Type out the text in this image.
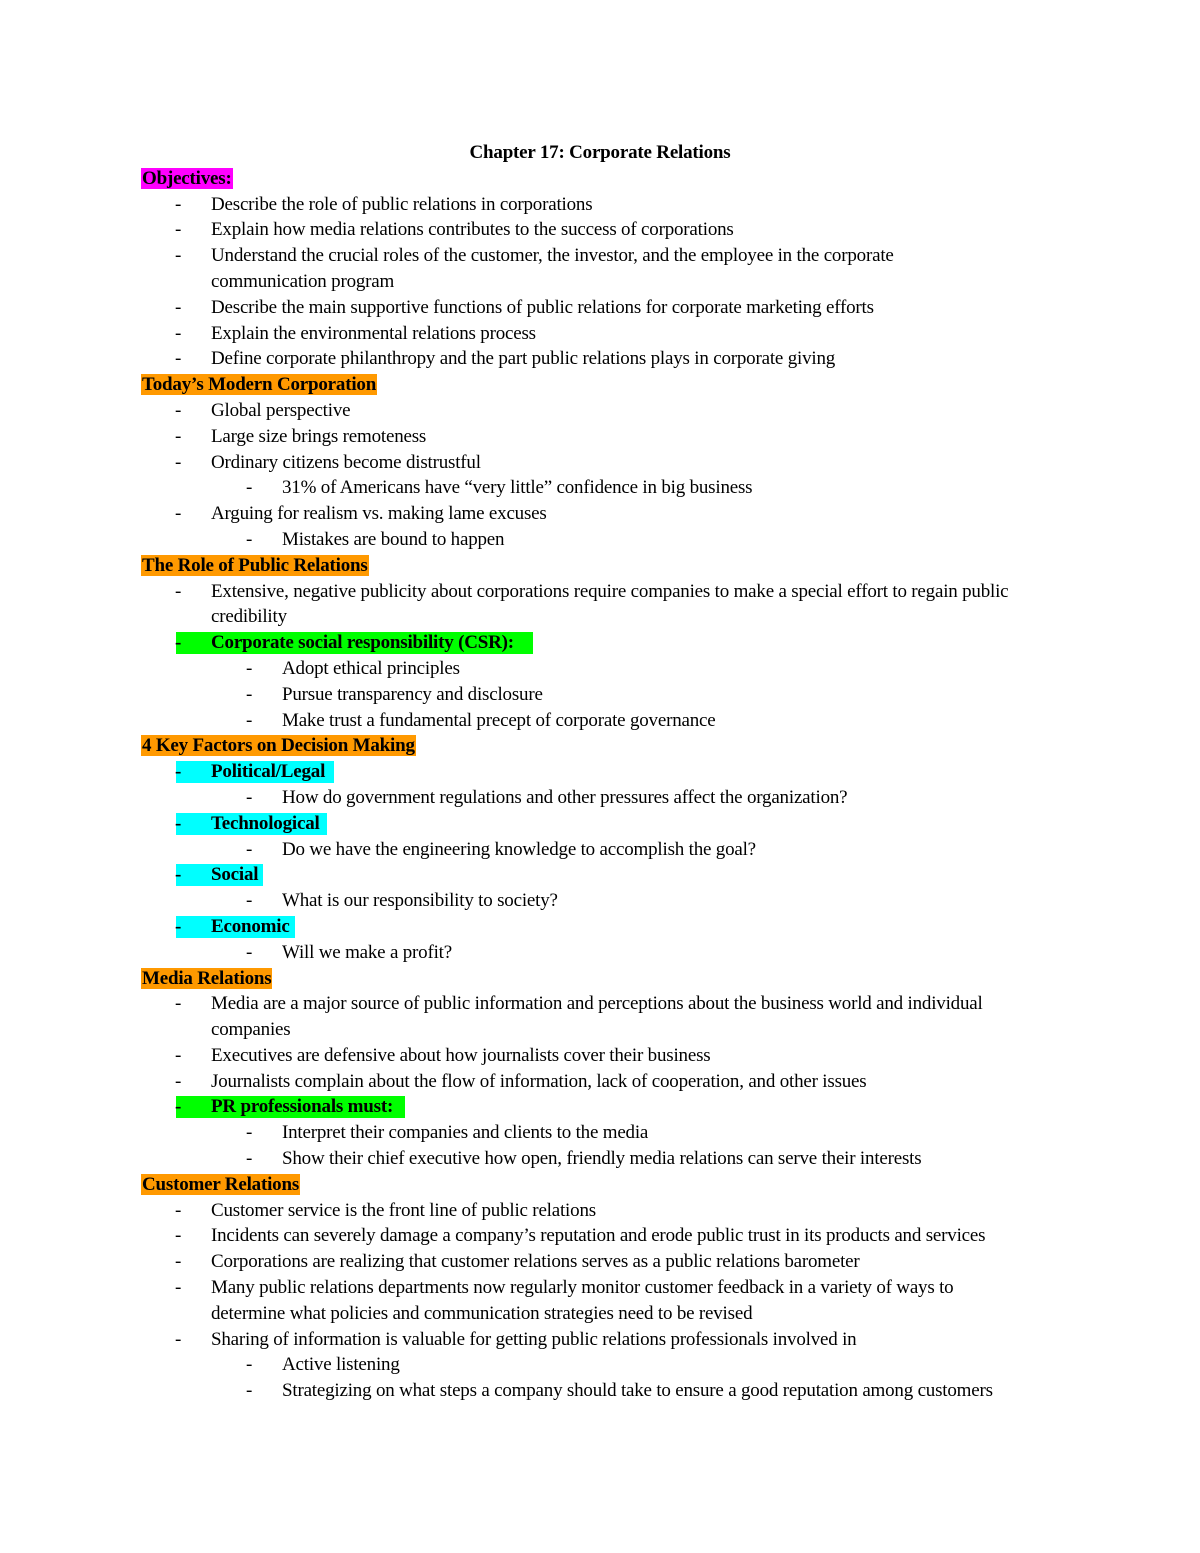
Chapter 17: Corporate Relations
Objectives:
-	Describe the role of public relations in corporations
-	Explain how media relations contributes to the success of corporations
-	Understand the crucial roles of the customer, the investor, and the employee in the corporate
communication program
-	Describe the main supportive functions of public relations for corporate marketing efforts
-	Explain the environmental relations process
-	Define corporate philanthropy and the part public relations plays in corporate giving
Today’s Modern Corporation
-	Global perspective
-	Large size brings remoteness
-	Ordinary citizens become distrustful
-	31% of Americans have “very little” confidence in big business
-	Arguing for realism vs. making lame excuses
-	Mistakes are bound to happen
The Role of Public Relations
-	Extensive, negative publicity about corporations require companies to make a special effort to regain public
credibility
-	Corporate social responsibility (CSR):
-	Adopt ethical principles
-	Pursue transparency and disclosure
-	Make trust a fundamental precept of corporate governance
4 Key Factors on Decision Making
-	Political/Legal
-	How do government regulations and other pressures affect the organization?
-	Technological
-	Do we have the engineering knowledge to accomplish the goal?
-	Social
-	What is our responsibility to society?
-	Economic
-	Will we make a profit?
Media Relations
-	Media are a major source of public information and perceptions about the business world and individual
companies
-	Executives are defensive about how journalists cover their business
-	Journalists complain about the flow of information, lack of cooperation, and other issues
-	PR professionals must:
-	Interpret their companies and clients to the media
-	Show their chief executive how open, friendly media relations can serve their interests
Customer Relations
-	Customer service is the front line of public relations
-	Incidents can severely damage a company’s reputation and erode public trust in its products and services
-	Corporations are realizing that customer relations serves as a public relations barometer
-	Many public relations departments now regularly monitor customer feedback in a variety of ways to
determine what policies and communication strategies need to be revised
-	Sharing of information is valuable for getting public relations professionals involved in
-	Active listening
-	Strategizing on what steps a company should take to ensure a good reputation among customers
